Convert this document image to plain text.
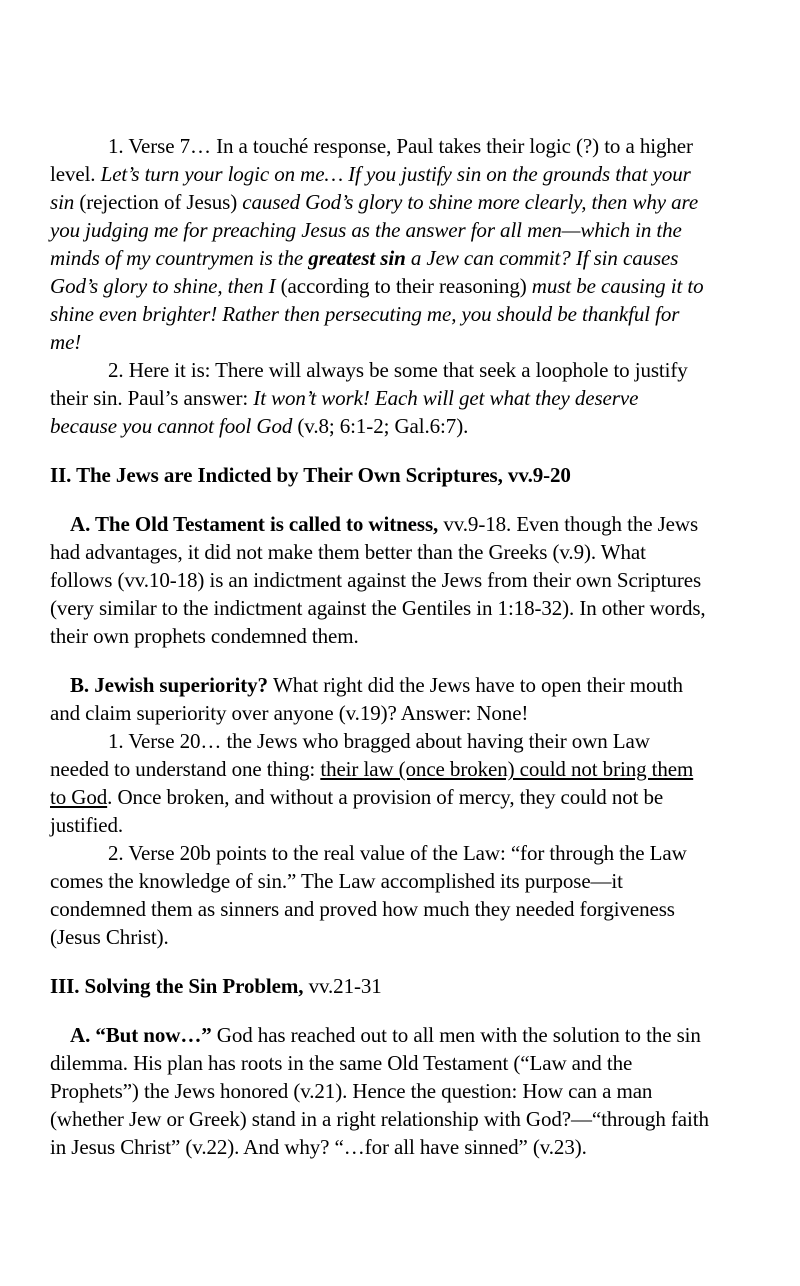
1. Verse 7… In a touché response, Paul takes their logic (?) to a higher level. Let’s turn your logic on me… If you justify sin on the grounds that your sin (rejection of Jesus) caused God’s glory to shine more clearly, then why are you judging me for preaching Jesus as the answer for all men—which in the minds of my countrymen is the greatest sin a Jew can commit? If sin causes God’s glory to shine, then I (according to their reasoning) must be causing it to shine even brighter! Rather then persecuting me, you should be thankful for me!

2. Here it is: There will always be some that seek a loophole to justify their sin. Paul’s answer: It won’t work! Each will get what they deserve because you cannot fool God (v.8; 6:1-2; Gal.6:7).

II. The Jews are Indicted by Their Own Scriptures, vv.9-20

A. The Old Testament is called to witness, vv.9-18. Even though the Jews had advantages, it did not make them better than the Greeks (v.9). What follows (vv.10-18) is an indictment against the Jews from their own Scriptures (very similar to the indictment against the Gentiles in 1:18-32). In other words, their own prophets condemned them.

B. Jewish superiority? What right did the Jews have to open their mouth and claim superiority over anyone (v.19)? Answer: None!

1. Verse 20… the Jews who bragged about having their own Law needed to understand one thing: their law (once broken) could not bring them to God. Once broken, and without a provision of mercy, they could not be justified.

2. Verse 20b points to the real value of the Law: “for through the Law comes the knowledge of sin.” The Law accomplished its purpose—it condemned them as sinners and proved how much they needed forgiveness (Jesus Christ).

III. Solving the Sin Problem, vv.21-31

A. “But now…” God has reached out to all men with the solution to the sin dilemma. His plan has roots in the same Old Testament (“Law and the Prophets”) the Jews honored (v.21). Hence the question: How can a man (whether Jew or Greek) stand in a right relationship with God?—“through faith in Jesus Christ” (v.22). And why? “…for all have sinned” (v.23).
